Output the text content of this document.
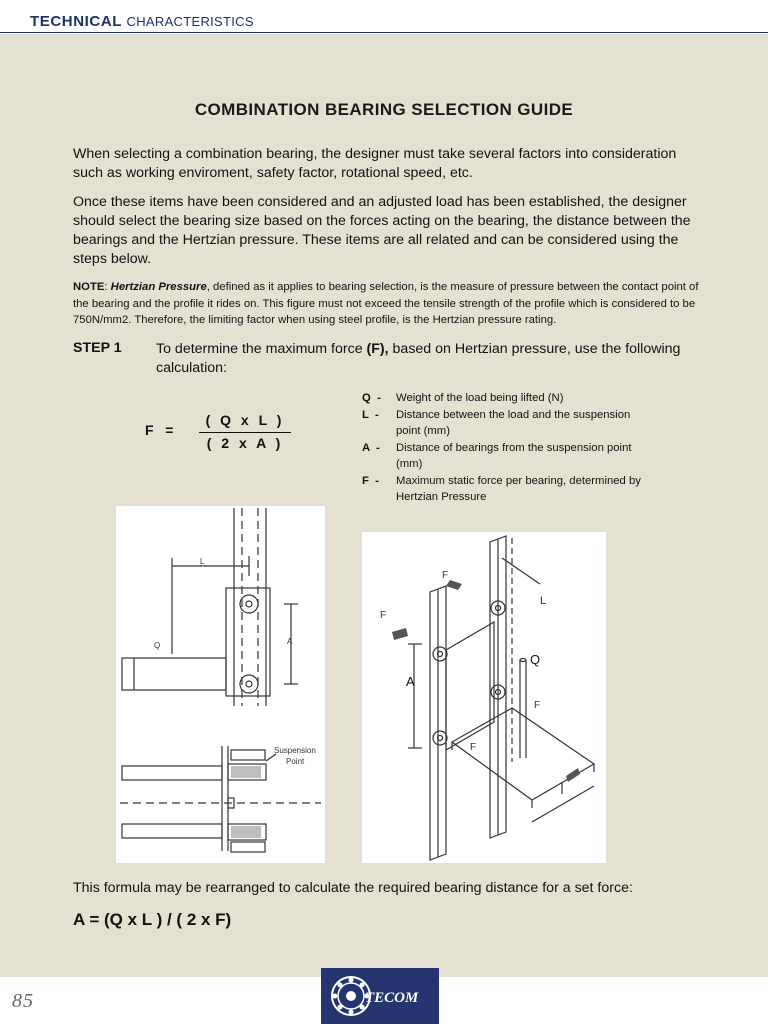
TECHNICAL CHARACTERISTICS
COMBINATION BEARING SELECTION GUIDE
When selecting a combination bearing, the designer must take several factors into consideration such as working enviroment, safety factor, rotational speed, etc.
Once these items have been considered and an adjusted load has been established, the designer should select the bearing size based on the forces acting on the bearing, the distance between the bearings and the Hertzian pressure. These items are all related and can be considered using the steps below.
NOTE: Hertzian Pressure, defined as it applies to bearing selection, is the measure of pressure between the contact point of the bearing and the profile it rides on. This figure must not exceed the tensile strength of the profile which is considered to be 750N/mm2. Therefore, the limiting factor when using steel profile, is the Hertzian pressure rating.
STEP 1 To determine the maximum force (F), based on Hertzian pressure, use the following calculation:
F   =
( Q x L )
( 2 x A )
Q  -	Weight of the load being lifted (N)
L  -	Distance between the load and the suspension point (mm)
A  -	Distance of bearings from the suspension point (mm)
F  -	Maximum static force per bearing, determined by Hertzian Pressure
L
Q	A
Suspension
Point
F
F
F
F
L
Q
A
This formula may be rearranged to calculate the required bearing distance for a set force:
A = (Q x L ) / ( 2 x F)
85	TECOM
